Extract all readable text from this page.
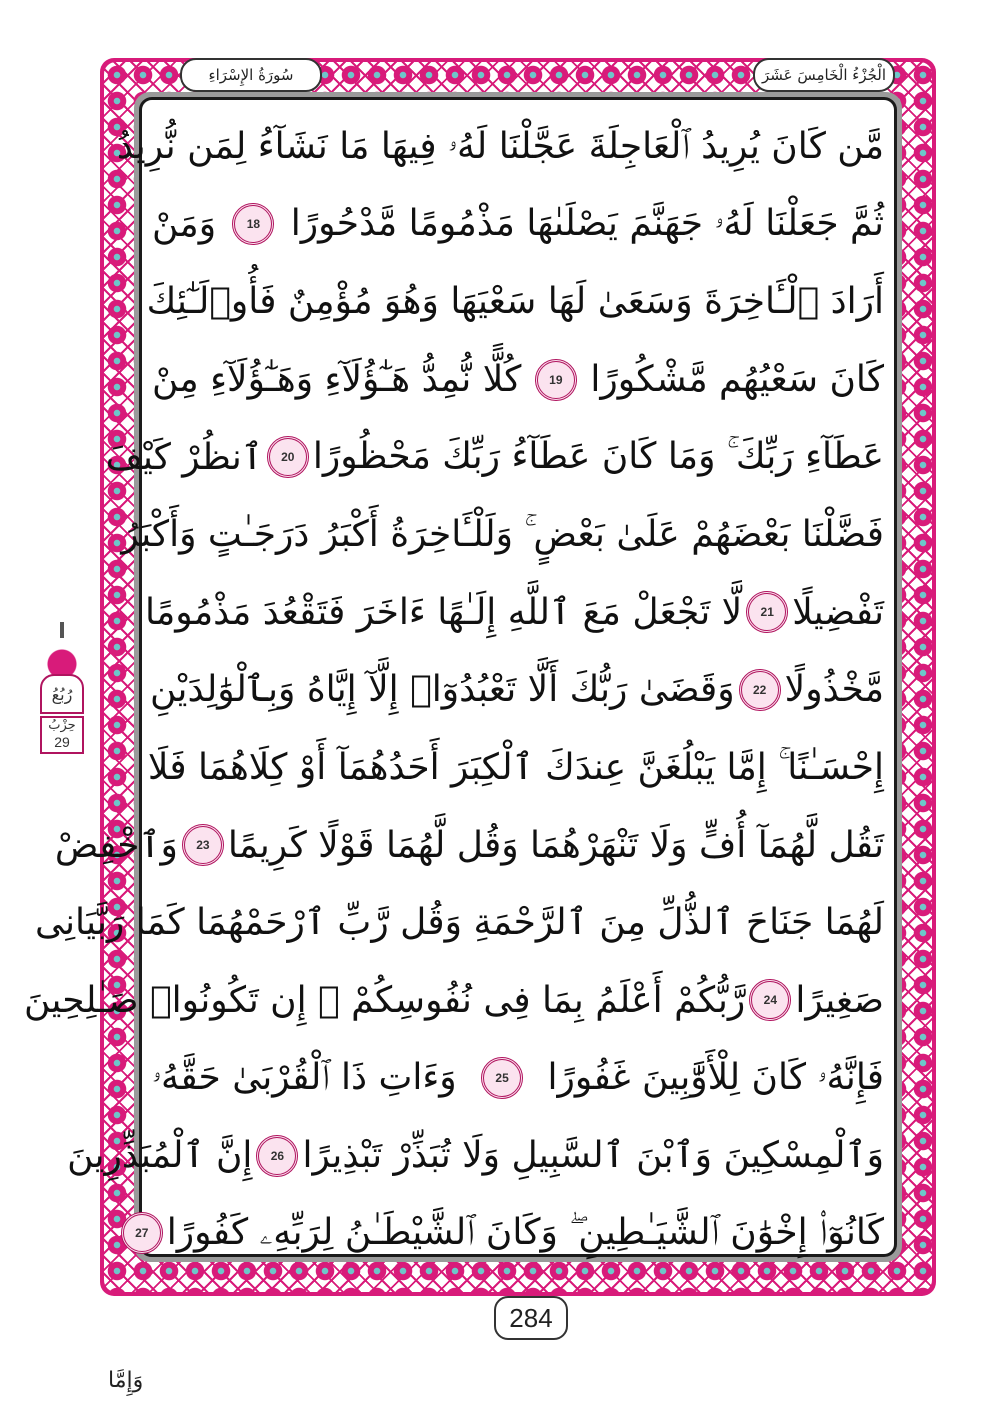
الْجُزْءُ الْخَامِسَ عَشَرَ
سُورَةُ الإِسْرَاءِ
مَّن كَانَ يُرِيدُ ٱلْعَاجِلَةَ عَجَّلْنَا لَهُۥ فِيهَا مَا نَشَآءُ لِمَن نُّرِيدُ
ثُمَّ جَعَلْنَا لَهُۥ جَهَنَّمَ يَصْلَىٰهَا مَذْمُومًا مَّدْحُورًا
18
وَمَنْ
أَرَادَ ٱلْـَٔاخِرَةَ وَسَعَىٰ لَهَا سَعْيَهَا وَهُوَ مُؤْمِنٌ فَأُو۟لَـٰٓئِكَ
كَانَ سَعْيُهُم مَّشْكُورًا
19
كُلًّا نُّمِدُّ هَـٰٓؤُلَآءِ وَهَـٰٓؤُلَآءِ مِنْ
عَطَآءِ رَبِّكَ ۚ وَمَا كَانَ عَطَآءُ رَبِّكَ مَحْظُورًا
20
ٱنظُرْ كَيْفَ
فَضَّلْنَا بَعْضَهُمْ عَلَىٰ بَعْضٍ ۚ وَلَلْـَٔاخِرَةُ أَكْبَرُ دَرَجَـٰتٍ وَأَكْبَرُ
تَفْضِيلًا
21
لَّا تَجْعَلْ مَعَ ٱللَّهِ إِلَـٰهًا ءَاخَرَ فَتَقْعُدَ مَذْمُومًا
مَّخْذُولًا
22
وَقَضَىٰ رَبُّكَ أَلَّا تَعْبُدُوٓا۟ إِلَّآ إِيَّاهُ وَبِٱلْوَٰلِدَيْنِ
إِحْسَـٰنًا ۚ إِمَّا يَبْلُغَنَّ عِندَكَ ٱلْكِبَرَ أَحَدُهُمَآ أَوْ كِلَاهُمَا فَلَا
تَقُل لَّهُمَآ أُفٍّ وَلَا تَنْهَرْهُمَا وَقُل لَّهُمَا قَوْلًا كَرِيمًا
23
وَٱخْفِضْ
لَهُمَا جَنَاحَ ٱلذُّلِّ مِنَ ٱلرَّحْمَةِ وَقُل رَّبِّ ٱرْحَمْهُمَا كَمَا رَبَّيَانِى
صَغِيرًا
24
رَّبُّكُمْ أَعْلَمُ بِمَا فِى نُفُوسِكُمْ ۚ إِن تَكُونُوا۟ صَـٰلِحِينَ
فَإِنَّهُۥ كَانَ لِلْأَوَّٰبِينَ غَفُورًا
25
وَءَاتِ ذَا ٱلْقُرْبَىٰ حَقَّهُۥ
وَٱلْمِسْكِينَ وَٱبْنَ ٱلسَّبِيلِ وَلَا تُبَذِّرْ تَبْذِيرًا
26
إِنَّ ٱلْمُبَذِّرِينَ
كَانُوٓا۟ إِخْوَٰنَ ٱلشَّيَـٰطِينِ ۖ وَكَانَ ٱلشَّيْطَـٰنُ لِرَبِّهِۦ كَفُورًا
27
284
رُبُعُ
حِزْبُ
29
وَإِمَّا
